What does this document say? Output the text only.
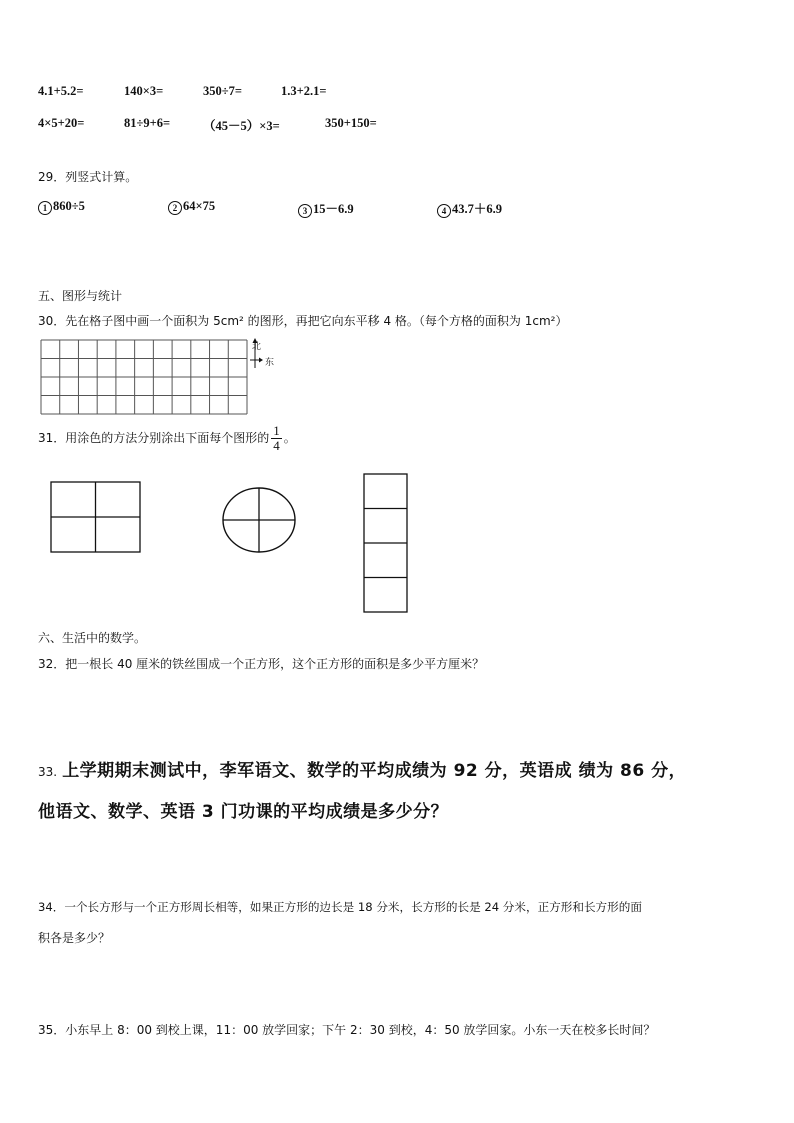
4.1+5.2=	140×3=	350÷7=	1.3+2.1=
4×5+20=	81÷9+6=	（45－5）×3=	350+150=
29．列竖式计算。
1 860÷5	2 64×75	3 15－6.9	4 43.7＋6.9
五、图形与统计
30．先在格子图中画一个面积为 5cm² 的图形，再把它向东平移 4 格。（每个方格的面积为 1cm²）
北
东
31．用涂色的方法分别涂出下面每个图形的 $\frac{1}{4}$ 。
六、生活中的数学。
32．把一根长 40 厘米的铁丝围成一个正方形，这个正方形的面积是多少平方厘米？
33. 上学期期末测试中，李军语文、数学的平均成绩为 92 分，英语成 绩为 86 分，
他语文、数学、英语 3 门功课的平均成绩是多少分？
34．一个长方形与一个正方形周长相等，如果正方形的边长是 18 分米，长方形的长是 24 分米，正方形和长方形的面
积各是多少？
35．小东早上 8：00 到校上课，11：00 放学回家；下午 2：30 到校，4：50 放学回家。小东一天在校多长时间？
